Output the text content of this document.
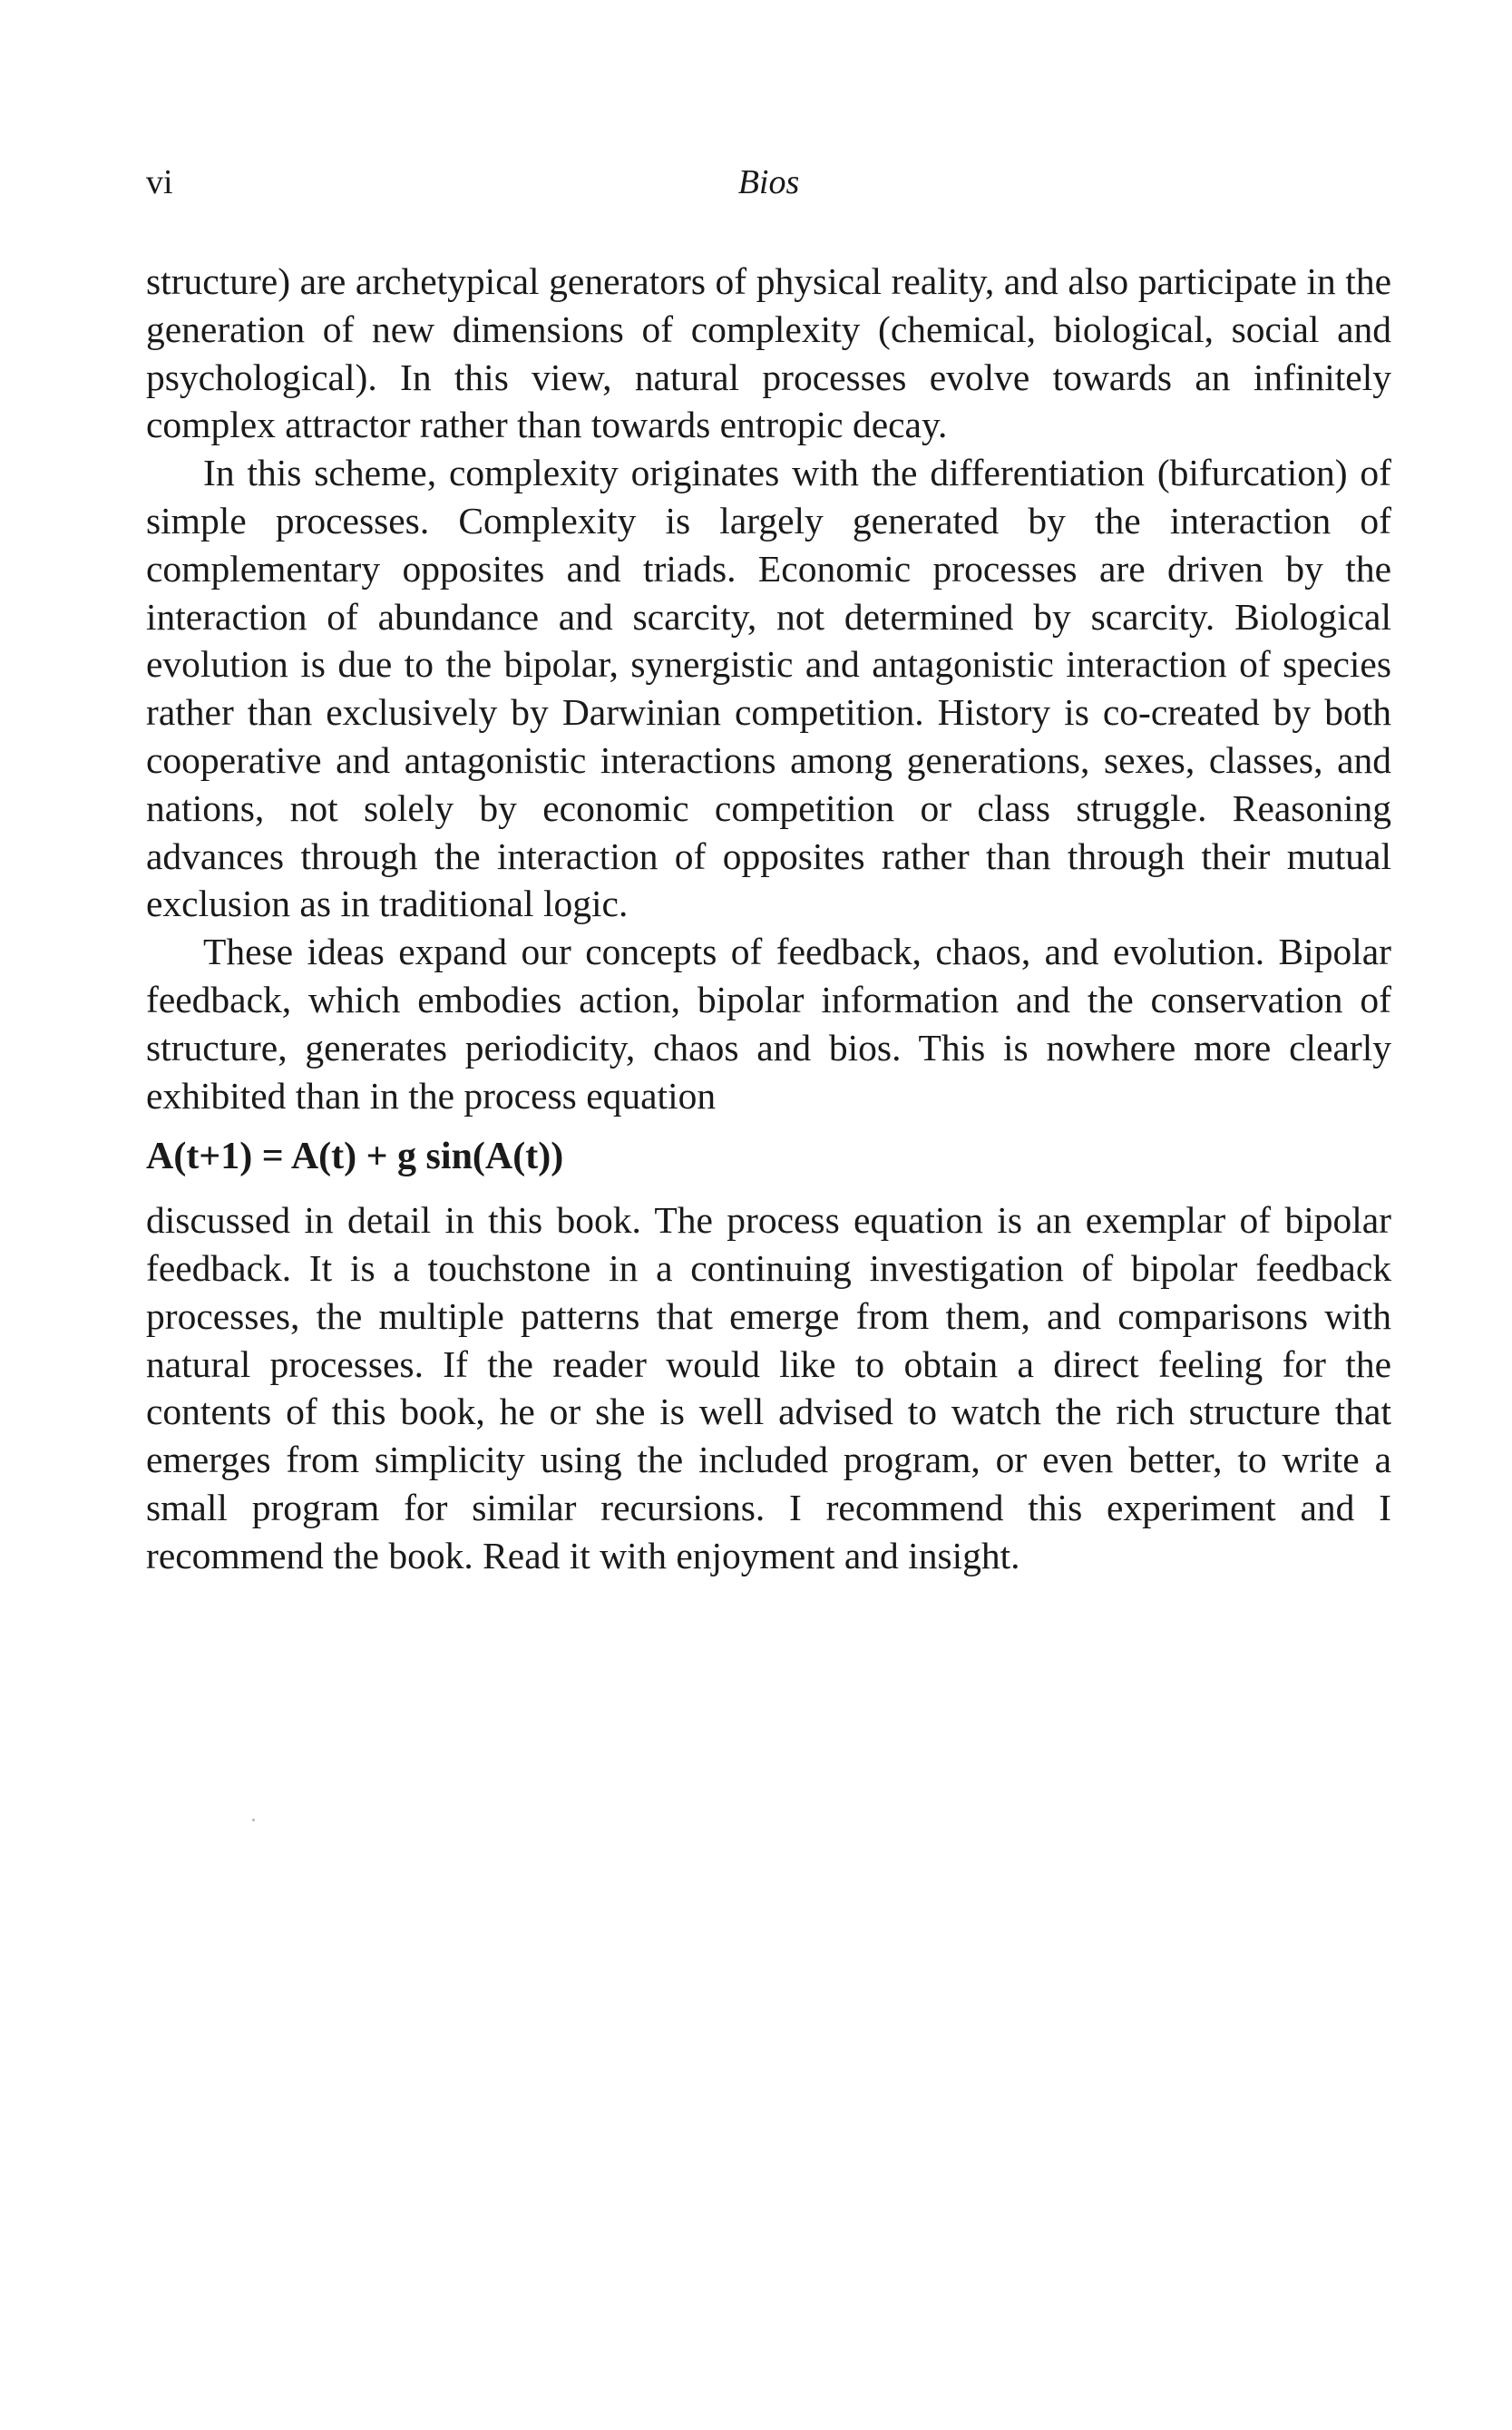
vi	Bios

structure) are archetypical generators of physical reality, and also participate in the generation of new dimensions of complexity (chemical, biological, social and psychological). In this view, natural processes evolve towards an infinitely complex attractor rather than towards entropic decay.

In this scheme, complexity originates with the differentiation (bifurcation) of simple processes. Complexity is largely generated by the interaction of complementary opposites and triads. Economic processes are driven by the interaction of abundance and scarcity, not determined by scarcity. Biological evolution is due to the bipolar, synergistic and antagonistic interaction of species rather than exclusively by Darwinian competition. History is co-created by both cooperative and antagonistic interactions among generations, sexes, classes, and nations, not solely by economic competition or class struggle. Reasoning advances through the interaction of opposites rather than through their mutual exclusion as in traditional logic.

These ideas expand our concepts of feedback, chaos, and evolution. Bipolar feedback, which embodies action, bipolar information and the conservation of structure, generates periodicity, chaos and bios. This is nowhere more clearly exhibited than in the process equation

A(t+1) = A(t) + g sin(A(t))

discussed in detail in this book. The process equation is an exemplar of bipolar feedback. It is a touchstone in a continuing investigation of bipolar feedback processes, the multiple patterns that emerge from them, and comparisons with natural processes. If the reader would like to obtain a direct feeling for the contents of this book, he or she is well advised to watch the rich structure that emerges from simplicity using the included program, or even better, to write a small program for similar recursions. I recommend this experiment and I recommend the book. Read it with enjoyment and insight.
